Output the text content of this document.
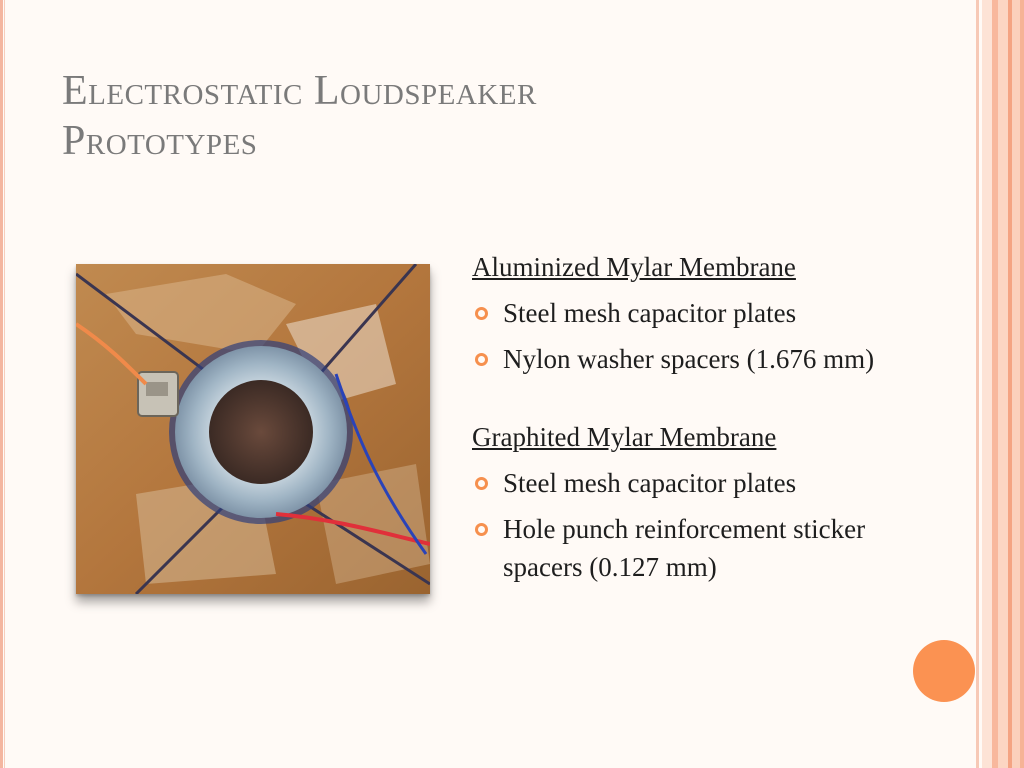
Electrostatic Loudspeaker
Prototypes

Aluminized Mylar Membrane

Steel mesh capacitor plates
Nylon washer spacers (1.676 mm)

Graphited Mylar Membrane

Steel mesh capacitor plates
Hole punch reinforcement sticker spacers (0.127 mm)
